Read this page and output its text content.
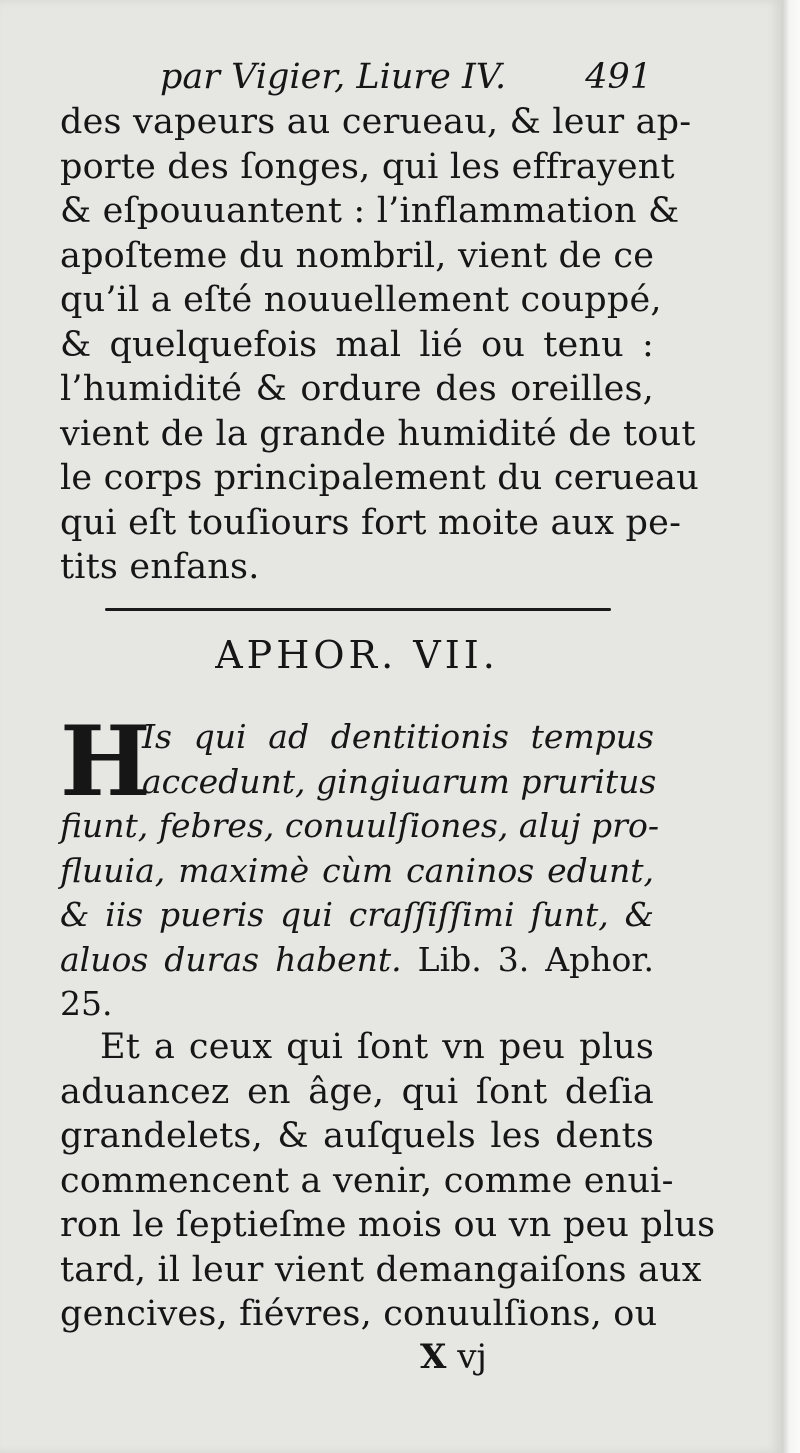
par Vigier, Liure IV. 491
des vapeurs au cerueau, & leur ap-
porte des ſonges, qui les effrayent
& eſpouuantent : l’inflammation &
apoſteme du nombril, vient de ce
qu’il a eſté nouuellement couppé,
& quelquefois mal lié ou tenu :
l’humidité & ordure des oreilles,
vient de la grande humidité de tout
le corps principalement du cerueau
qui eſt touſiours fort moite aux pe-
tits enfans.
APHOR. VII.
H
Is qui ad dentitionis tempus
accedunt, gingiuarum pruritus
fiunt, febres, conuulſiones, aluj pro-
fluuia, maximè cùm caninos edunt,
& iis pueris qui craſſiſſimi ſunt, &
aluos duras habent. Lib. 3. Aphor.
25.
Et a ceux qui ſont vn peu plus
aduancez en âge, qui ſont deſia
grandelets, & auſquels les dents
commencent a venir, comme enui-
ron le ſeptieſme mois ou vn peu plus
tard, il leur vient demangaiſons aux
gencives, fiévres, conuulſions, ou
X vj
